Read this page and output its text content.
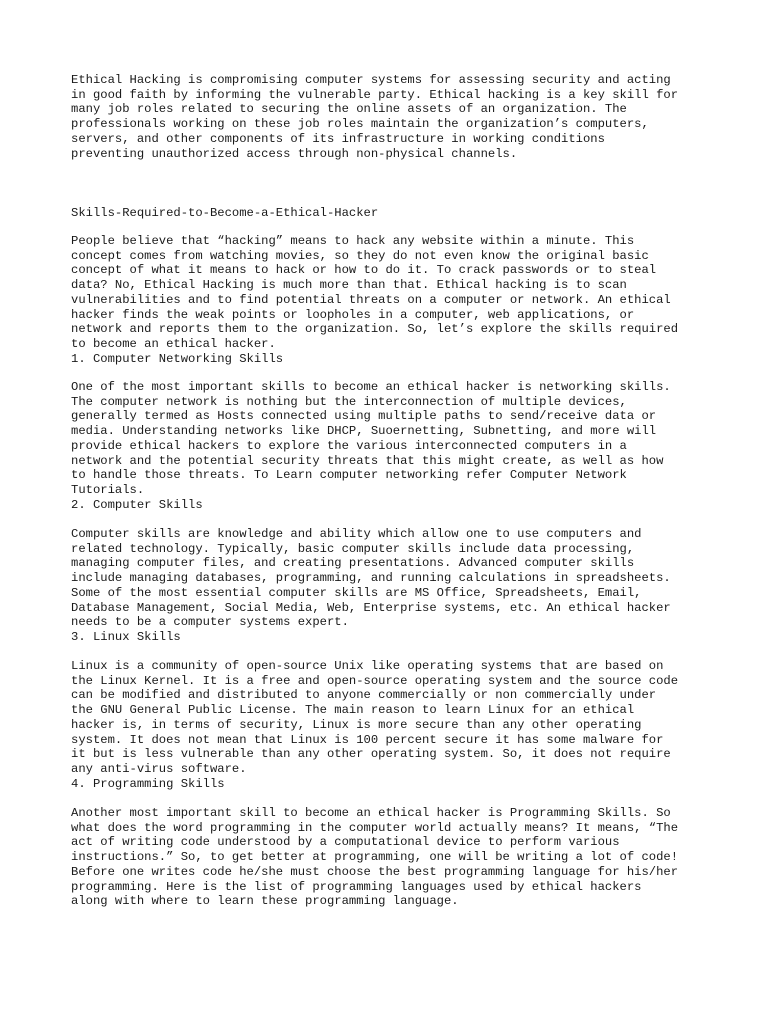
Ethical Hacking is compromising computer systems for assessing security and acting
in good faith by informing the vulnerable party. Ethical hacking is a key skill for
many job roles related to securing the online assets of an organization. The
professionals working on these job roles maintain the organization’s computers,
servers, and other components of its infrastructure in working conditions
preventing unauthorized access through non-physical channels.

Skills-Required-to-Become-a-Ethical-Hacker

People believe that “hacking” means to hack any website within a minute. This
concept comes from watching movies, so they do not even know the original basic
concept of what it means to hack or how to do it. To crack passwords or to steal
data? No, Ethical Hacking is much more than that. Ethical hacking is to scan
vulnerabilities and to find potential threats on a computer or network. An ethical
hacker finds the weak points or loopholes in a computer, web applications, or
network and reports them to the organization. So, let’s explore the skills required
to become an ethical hacker.
1. Computer Networking Skills

One of the most important skills to become an ethical hacker is networking skills.
The computer network is nothing but the interconnection of multiple devices,
generally termed as Hosts connected using multiple paths to send/receive data or
media. Understanding networks like DHCP, Suoernetting, Subnetting, and more will
provide ethical hackers to explore the various interconnected computers in a
network and the potential security threats that this might create, as well as how
to handle those threats. To Learn computer networking refer Computer Network
Tutorials.
2. Computer Skills

Computer skills are knowledge and ability which allow one to use computers and
related technology. Typically, basic computer skills include data processing,
managing computer files, and creating presentations. Advanced computer skills
include managing databases, programming, and running calculations in spreadsheets.
Some of the most essential computer skills are MS Office, Spreadsheets, Email,
Database Management, Social Media, Web, Enterprise systems, etc. An ethical hacker
needs to be a computer systems expert.
3. Linux Skills

Linux is a community of open-source Unix like operating systems that are based on
the Linux Kernel. It is a free and open-source operating system and the source code
can be modified and distributed to anyone commercially or non commercially under
the GNU General Public License. The main reason to learn Linux for an ethical
hacker is, in terms of security, Linux is more secure than any other operating
system. It does not mean that Linux is 100 percent secure it has some malware for
it but is less vulnerable than any other operating system. So, it does not require
any anti-virus software.
4. Programming Skills

Another most important skill to become an ethical hacker is Programming Skills. So
what does the word programming in the computer world actually means? It means, “The
act of writing code understood by a computational device to perform various
instructions.” So, to get better at programming, one will be writing a lot of code!
Before one writes code he/she must choose the best programming language for his/her
programming. Here is the list of programming languages used by ethical hackers
along with where to learn these programming language.
